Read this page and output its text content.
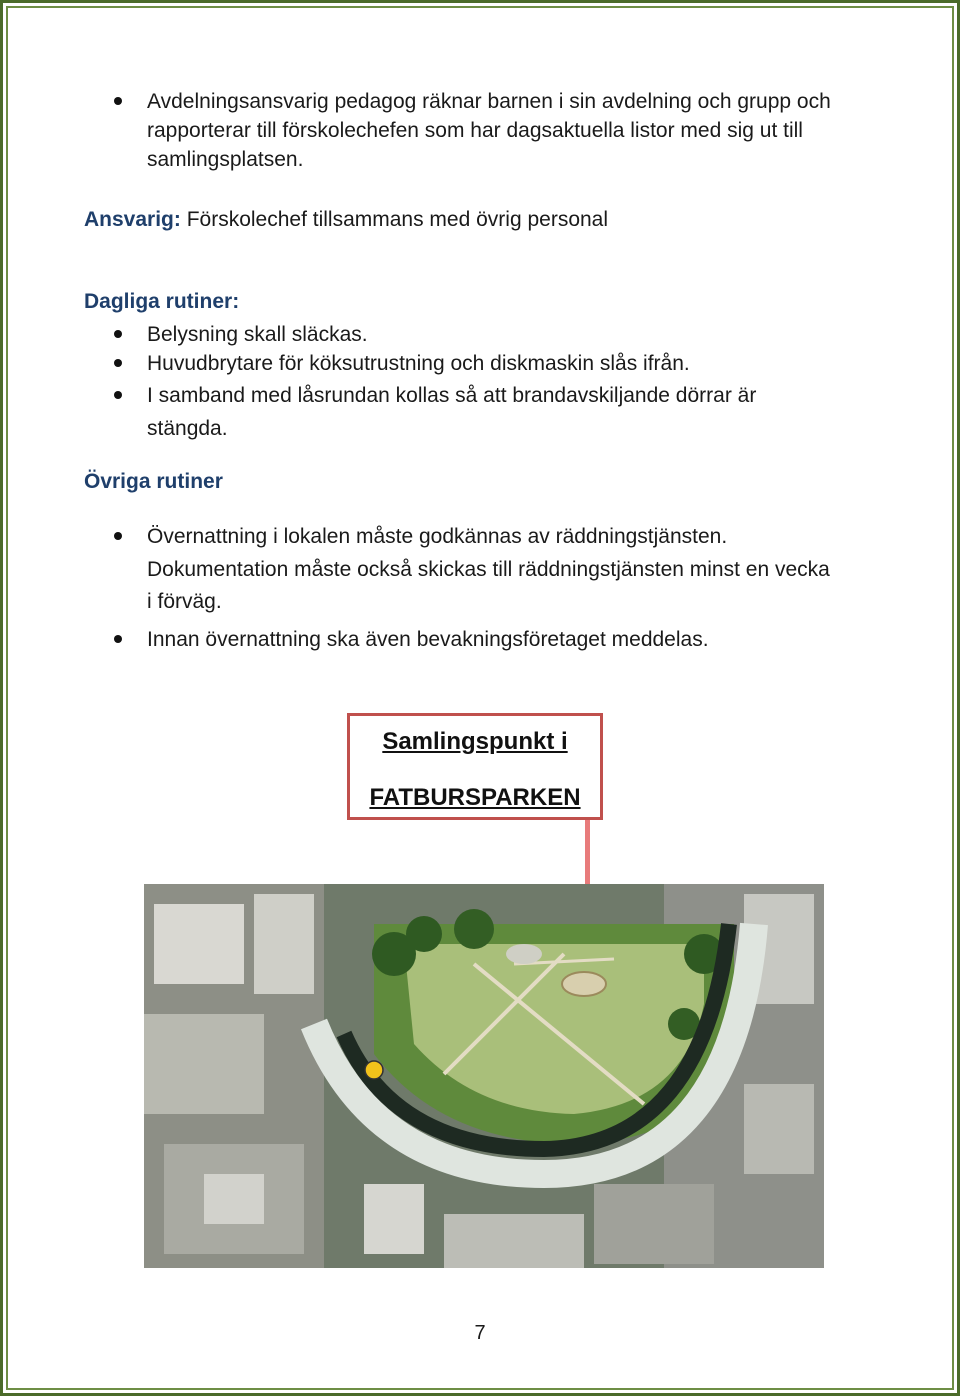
Avdelningsansvarig pedagog räknar barnen i sin avdelning och grupp och
rapporterar till förskolechefen som har dagsaktuella listor med sig ut till
samlingsplatsen.
Ansvarig: Förskolechef tillsammans med övrig personal
Dagliga rutiner:
Belysning skall släckas.
Huvudbrytare för köksutrustning och diskmaskin slås ifrån.
I samband med låsrundan kollas så att brandavskiljande dörrar är
stängda.
Övriga rutiner
Övernattning i lokalen måste godkännas av räddningstjänsten.
Dokumentation måste också skickas till räddningstjänsten minst en vecka
i förväg.
Innan övernattning ska även bevakningsföretaget meddelas.
Samlingspunkt i
FATBURSPARKEN
7
